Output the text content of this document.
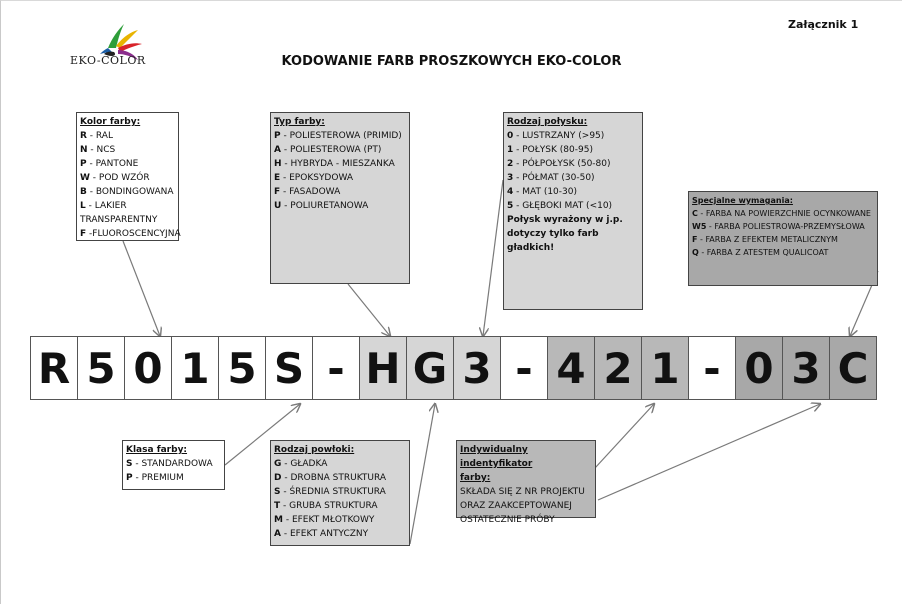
EKO-COLOR
Załącznik 1
KODOWANIE FARB PROSZKOWYCH EKO-COLOR
Kolor farby:
R - RAL
N - NCS
P - PANTONE
W - POD WZÓR
B - BONDINGOWANA
L - LAKIER
TRANSPARENTNY
F -FLUOROSCENCYJNA
Typ farby:
P - POLIESTEROWA (PRIMID)
A - POLIESTEROWA (PT)
H - HYBRYDA - MIESZANKA
E - EPOKSYDOWA
F - FASADOWA
U - POLIURETANOWA
Rodzaj połysku:
0 - LUSTRZANY (>95)
1 - POŁYSK (80-95)
2 - PÓŁPOŁYSK (50-80)
3 - PÓŁMAT (30-50)
4 - MAT (10-30)
5 - GŁĘBOKI MAT (<10)
Połysk wyrażony w j.p.
dotyczy tylko farb gładkich!
Specjalne wymagania:
C - FARBA NA POWIERZCHNIE OCYNKOWANE
W5 - FARBA POLIESTROWA-PRZEMYSŁOWA
F - FARBA Z EFEKTEM METALICZNYM
Q - FARBA Z ATESTEM QUALICOAT
R 5 0 1 5 S - H G 3 - 4 2 1 - 0 3 C
Klasa farby:
S - STANDARDOWA
P - PREMIUM
Rodzaj powłoki:
G - GŁADKA
D - DROBNA STRUKTURA
S - ŚREDNIA STRUKTURA
T - GRUBA STRUKTURA
M - EFEKT MŁOTKOWY
A - EFEKT ANTYCZNY
Indywidualny indentyfikator
farby:
SKŁADA SIĘ Z NR PROJEKTU
ORAZ ZAAKCEPTOWANEJ
OSTATECZNIE PRÓBY
